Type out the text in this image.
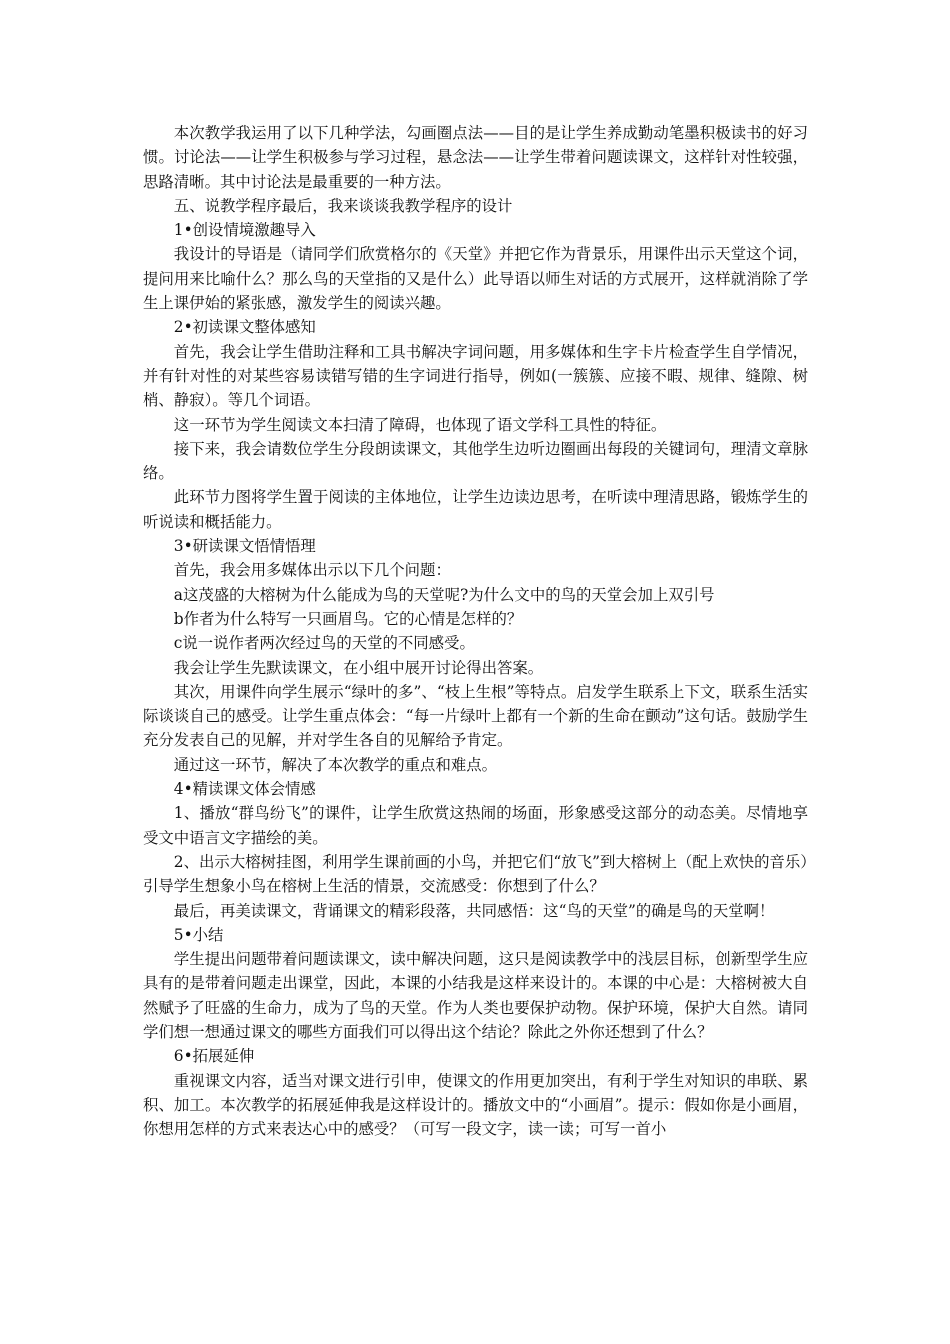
本次教学我运用了以下几种学法，勾画圈点法——目的是让学生养成勤动笔墨积极读书的好习惯。讨论法——让学生积极参与学习过程，悬念法——让学生带着问题读课文，这样针对性较强，思路清晰。其中讨论法是最重要的一种方法。

五、说教学程序最后，我来谈谈我教学程序的设计

1•创设情境激趣导入

我设计的导语是（请同学们欣赏格尔的《天堂》并把它作为背景乐，用课件出示天堂这个词，提问用来比喻什么？那么鸟的天堂指的又是什么）此导语以师生对话的方式展开，这样就消除了学生上课伊始的紧张感，激发学生的阅读兴趣。

2•初读课文整体感知

首先，我会让学生借助注释和工具书解决字词问题，用多媒体和生字卡片检查学生自学情况，并有针对性的对某些容易读错写错的生字词进行指导，例如(一簇簇、应接不暇、规律、缝隙、树梢、静寂）。等几个词语。

这一环节为学生阅读文本扫清了障碍，也体现了语文学科工具性的特征。

接下来，我会请数位学生分段朗读课文，其他学生边听边圈画出每段的关键词句，理清文章脉络。

此环节力图将学生置于阅读的主体地位，让学生边读边思考，在听读中理清思路，锻炼学生的听说读和概括能力。

3•研读课文悟情悟理

首先，我会用多媒体出示以下几个问题：

a这茂盛的大榕树为什么能成为鸟的天堂呢?为什么文中的鸟的天堂会加上双引号

b作者为什么特写一只画眉鸟。它的心情是怎样的？

c说一说作者两次经过鸟的天堂的不同感受。

我会让学生先默读课文，在小组中展开讨论得出答案。

其次，用课件向学生展示“绿叶的多”、“枝上生根”等特点。启发学生联系上下文，联系生活实际谈谈自己的感受。让学生重点体会：“每一片绿叶上都有一个新的生命在颤动”这句话。鼓励学生充分发表自己的见解，并对学生各自的见解给予肯定。

通过这一环节，解决了本次教学的重点和难点。

4•精读课文体会情感

1、播放“群鸟纷飞”的课件，让学生欣赏这热闹的场面，形象感受这部分的动态美。尽情地享受文中语言文字描绘的美。

2、出示大榕树挂图，利用学生课前画的小鸟，并把它们“放飞”到大榕树上（配上欢快的音乐）引导学生想象小鸟在榕树上生活的情景，交流感受：你想到了什么？

最后，再美读课文，背诵课文的精彩段落，共同感悟：这“鸟的天堂”的确是鸟的天堂啊！

5•小结

学生提出问题带着问题读课文，读中解决问题，这只是阅读教学中的浅层目标，创新型学生应具有的是带着问题走出课堂，因此，本课的小结我是这样来设计的。本课的中心是：大榕树被大自然赋予了旺盛的生命力，成为了鸟的天堂。作为人类也要保护动物。保护环境，保护大自然。请同学们想一想通过课文的哪些方面我们可以得出这个结论？除此之外你还想到了什么？

6•拓展延伸

重视课文内容，适当对课文进行引申，使课文的作用更加突出，有利于学生对知识的串联、累积、加工。本次教学的拓展延伸我是这样设计的。播放文中的“小画眉”。提示：假如你是小画眉，你想用怎样的方式来表达心中的感受？（可写一段文字，读一读；可写一首小
